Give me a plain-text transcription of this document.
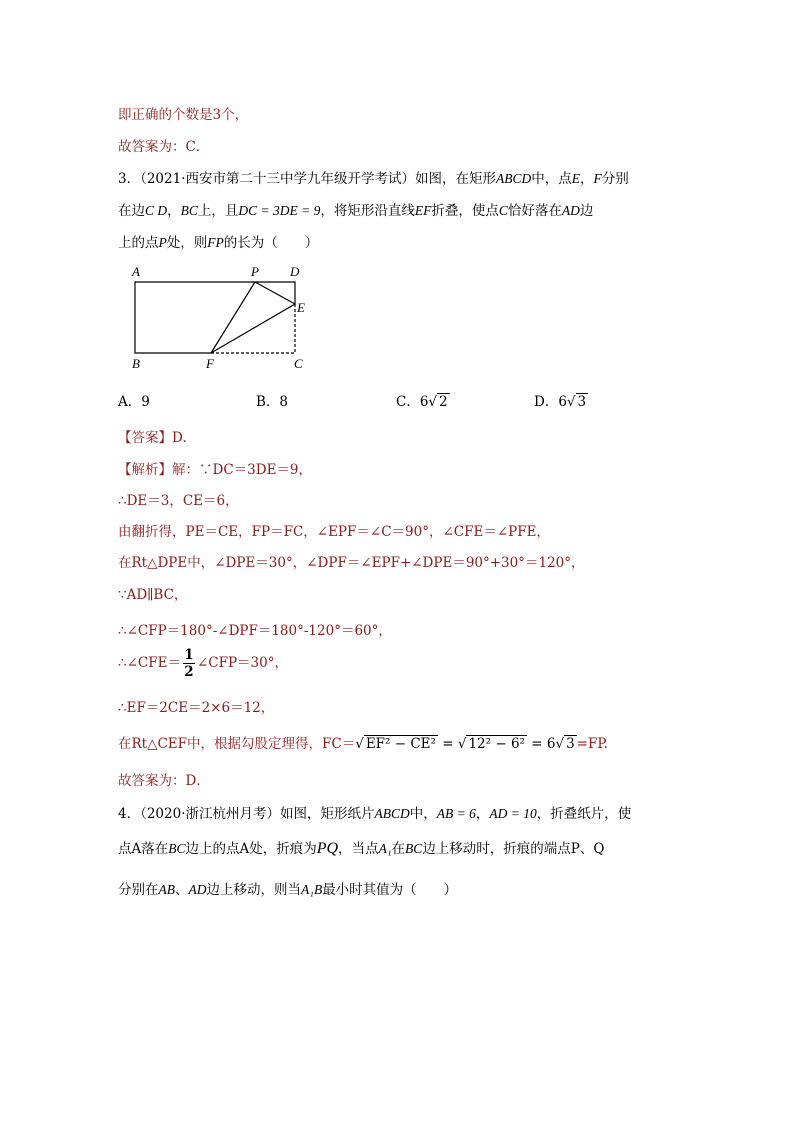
即正确的个数是3个，
故答案为：C．
3．（2021·西安市第二十三中学九年级开学考试）如图，在矩形ABCD中，点E，F分别
在边C D，BC上，且DC = 3DE = 9，将矩形沿直线EF折叠，使点C恰好落在AD边
上的点P处，则FP的长为（　　）
A	P D
E
B	F	C
A．9	B．8	C．6√ 2	D．6√ 3
【答案】D.
【解析】解：∵DC＝3DE＝9，
∴DE＝3，CE＝6，
由翻折得，PE＝CE，FP＝FC，∠EPF＝∠C＝90°，∠CFE＝∠PFE，
在Rt△DPE中，∠DPE＝30°，∠DPF＝∠EPF+∠DPE＝90°+30°＝120°，
∵AD∥BC，
∴∠CFP＝180°-∠DPF＝180°-120°＝60°，
∴∠CFE＝ $\frac{1}{2}$ ∠CFP＝30°，
∴EF＝2CE＝2×6＝12，
在Rt△CEF中，根据勾股定理得，FC＝√ EF² − CE² = √ 12² − 6² = 6√ 3 =FP.
故答案为：D．
4．（2020·浙江杭州月考）如图，矩形纸片ABCD中，AB = 6，AD = 10，折叠纸片，使
点A落在BC边上的点A处，折痕为PQ，当点A₁在BC边上移动时，折痕的端点P、Q
分别在AB、AD边上移动，则当A₁B最小时其值为（　　）
